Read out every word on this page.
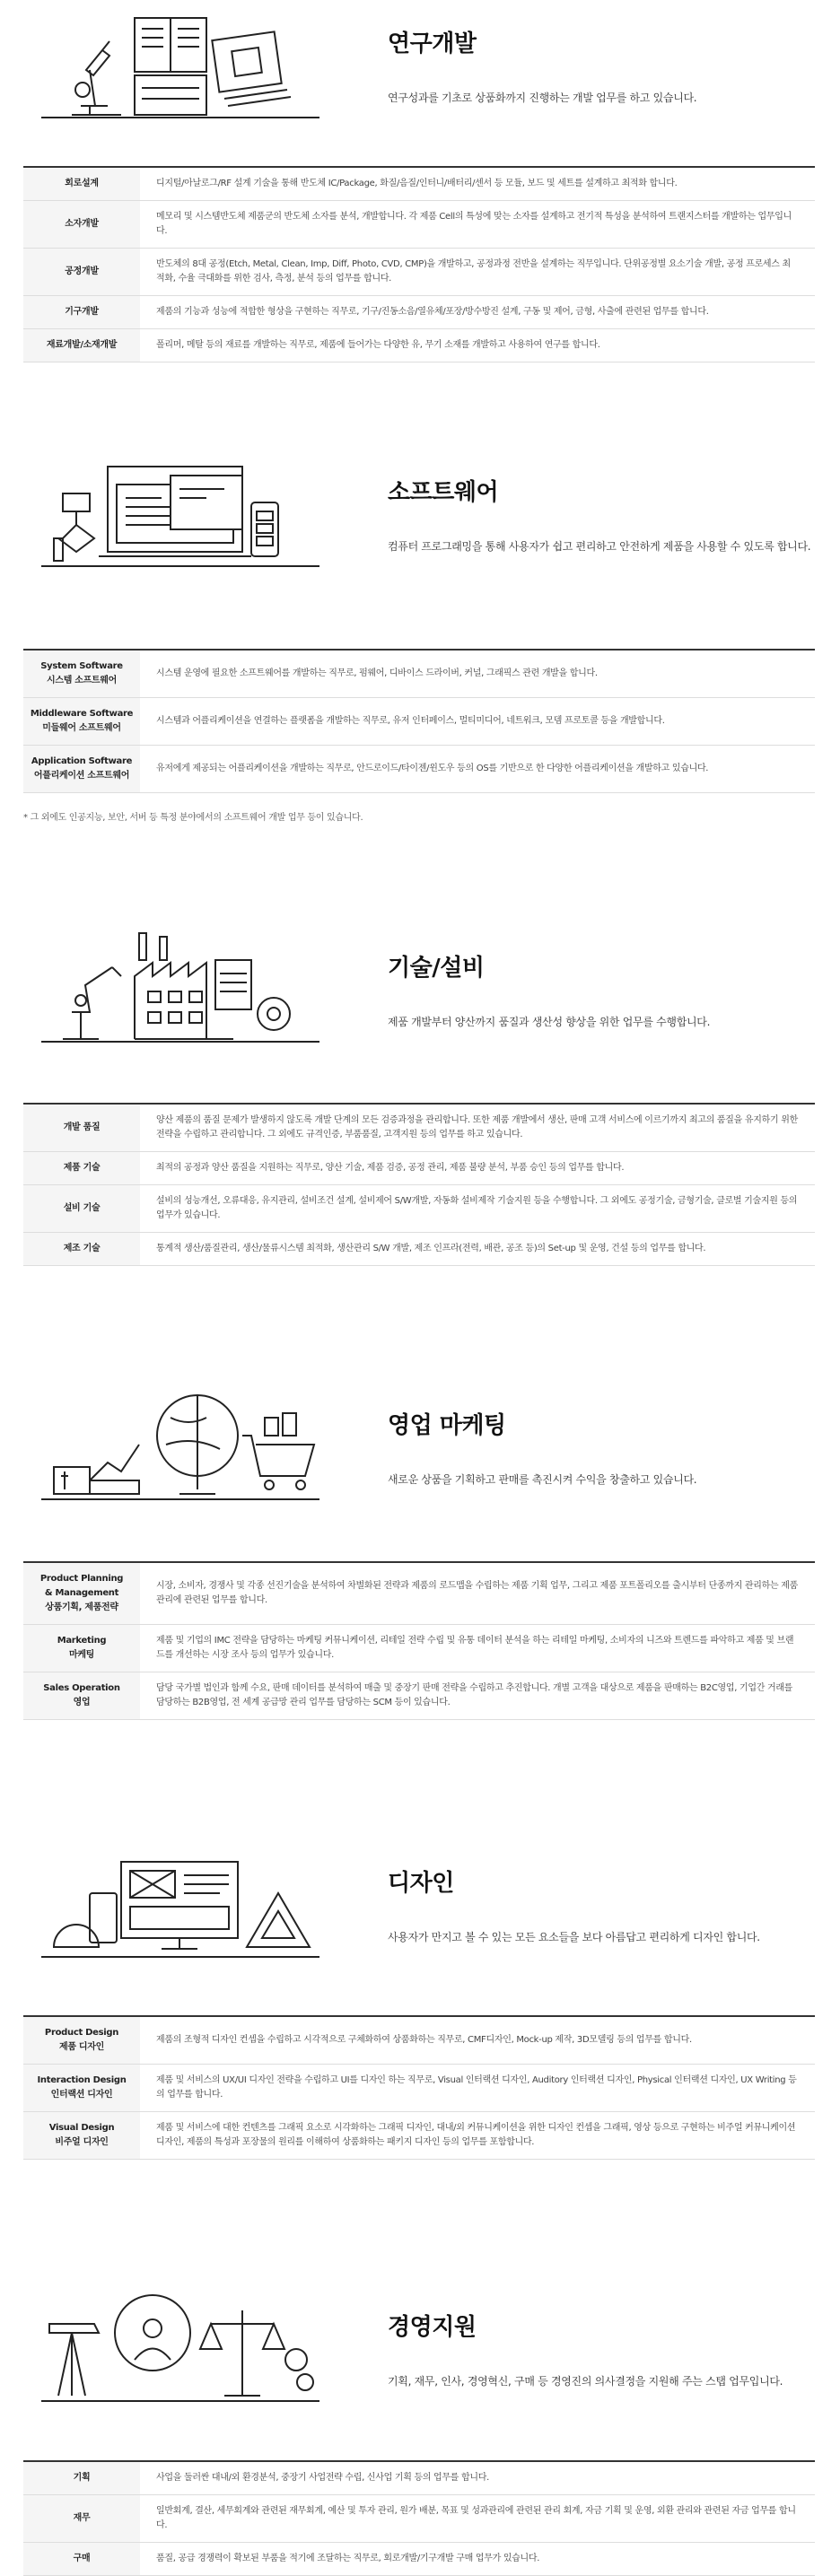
연구개발
연구성과를 기초로 상품화까지 진행하는 개발 업무를 하고 있습니다.
회로설계	디지털/아날로그/RF 설계 기술을 통해 반도체 IC/Package, 화질/음질/인터니/배터리/센서 등 모듈, 보드 및 세트를 설계하고 최적화 합니다.

소자개발	메모리 및 시스템반도체 제품군의 반도체 소자를 분석, 개발합니다. 각 제품 Cell의 특성에 맞는 소자를 설계하고 전기적 특성을 분석하여 트랜지스터를 개발하는 업무입니다.

공정개발	반도체의 8대 공정(Etch, Metal, Clean, Imp, Diff, Photo, CVD, CMP)을 개발하고, 공정과정 전반을 설계하는 직무입니다. 단위공정별 요소기술 개발, 공정 프로세스 최적화, 수율 극대화를 위한 검사, 측정, 분석 등의 업무를 합니다.

기구개발	제품의 기능과 성능에 적합한 형상을 구현하는 직무로, 기구/진동소음/열유체/포장/방수방진 설계, 구동 및 제어, 금형, 사출에 관련된 업무를 합니다.

재료개발/소재개발	폴리머, 메탈 등의 재료를 개발하는 직무로, 제품에 들어가는 다양한 유, 무기 소재를 개발하고 사용하여 연구를 합니다.
소프트웨어
컴퓨터 프로그래밍을 통해 사용자가 쉽고 편리하고 안전하게 제품을 사용할 수 있도록 합니다.
System Software
시스템 소프트웨어	시스템 운영에 필요한 소프트웨어를 개발하는 직무로, 펌웨어, 디바이스 드라이버, 커널, 그래픽스 관련 개발을 합니다.

Middleware Software
미들웨어 소프트웨어	시스템과 어플리케이션을 연결하는 플랫폼을 개발하는 직무로, 유저 인터페이스, 멀티미디어, 네트워크, 모뎀 프로토콜 등을 개발합니다.

Application Software
어플리케이션 소프트웨어	유저에게 제공되는 어플리케이션을 개발하는 직무로, 안드로이드/타이젠/윈도우 등의 OS를 기반으로 한 다양한 어플리케이션을 개발하고 있습니다.
* 그 외에도 인공지능, 보안, 서버 등 특정 분야에서의 소프트웨어 개발 업무 등이 있습니다.
기술/설비
제품 개발부터 양산까지 품질과 생산성 향상을 위한 업무를 수행합니다.
개발 품질	양산 제품의 품질 문제가 발생하지 않도록 개발 단계의 모든 검증과정을 관리합니다. 또한 제품 개발에서 생산, 판매 고객 서비스에 이르기까지 최고의 품질을 유지하기 위한 전략을 수립하고 관리합니다. 그 외에도 규격인증, 부품품질, 고객지원 등의 업무를 하고 있습니다.

제품 기술	최적의 공정과 양산 품질을 지원하는 직무로, 양산 기술, 제품 검증, 공정 관리, 제품 불량 분석, 부품 승인 등의 업무를 합니다.

설비 기술	설비의 성능개선, 오류대응, 유지관리, 설비조건 설계, 설비제어 S/W개발, 자동화 설비제작 기술지원 등을 수행합니다. 그 외에도 공정기술, 금형기술, 클로벌 기술지원 등의 업무가 있습니다.

제조 기술	통계적 생산/품질관리, 생산/물류시스템 최적화, 생산관리 S/W 개발, 제조 인프라(전력, 배관, 공조 등)의 Set-up 및 운영, 건설 등의 업무를 합니다.
영업 마케팅
새로운 상품을 기획하고 판매를 촉진시켜 수익을 창출하고 있습니다.
Product Planning
& Management
상품기획, 제품전략	시장, 소비자, 경쟁사 및 각종 선진기술을 분석하여 차별화된 전략과 제품의 로드맵을 수립하는 제품 기획 업무, 그리고 제품 포트폴리오를 출시부터 단종까지 관리하는 제품 관리에 관련된 업무를 합니다.

Marketing
마케팅	제품 및 기업의 IMC 전략을 담당하는 마케팅 커뮤니케이션, 리테일 전략 수립 및 유통 데이터 분석을 하는 리테일 마케팅, 소비자의 니즈와 트렌드를 파악하고 제품 및 브랜드를 개선하는 시장 조사 등의 업무가 있습니다.

Sales Operation
영업	담당 국가별 법인과 함께 수요, 판매 데이터를 분석하여 매출 및 중장기 판매 전략을 수립하고 추진합니다. 개별 고객을 대상으로 제품을 판매하는 B2C영업, 기업간 거래를 담당하는 B2B영업, 전 세계 공급망 관리 업무를 담당하는 SCM 등이 있습니다.
디자인
사용자가 만지고 볼 수 있는 모든 요소들을 보다 아름답고 편리하게 디자인 합니다.
Product Design
제품 디자인	제품의 조형적 디자인 컨셉을 수립하고 시각적으로 구체화하여 상품화하는 직무로, CMF디자인, Mock-up 제작, 3D모델링 등의 업무를 합니다.

Interaction Design
인터랙션 디자인	제품 및 서비스의 UX/UI 디자인 전략을 수립하고 UI를 디자인 하는 직무로, Visual 인터랙션 디자인, Auditory 인터랙션 디자인, Physical 인터랙션 디자인, UX Writing 등의 업무를 합니다.

Visual Design
비주얼 디자인	제품 및 서비스에 대한 컨텐츠를 그래픽 요소로 시각화하는 그래픽 디자인, 대내/외 커뮤니케이션을 위한 디자인 컨셉을 그래픽, 영상 등으로 구현하는 비주얼 커뮤니케이션 디자인, 제품의 특성과 포장물의 원리를 이해하여 상품화하는 패키지 디자인 등의 업무를 포함합니다.
경영지원
기획, 재무, 인사, 경영혁신, 구매 등 경영진의 의사결정을 지원해 주는 스탭 업무입니다.
기획	사업을 둘러싼 대내/외 환경분석, 중장기 사업전략 수립, 신사업 기획 등의 업무를 합니다.

재무	일반회계, 결산, 세무회계와 관련된 재무회계, 예산 및 투자 관리, 원가 배분, 목표 및 성과관리에 관련된 관리 회계, 자금 기획 및 운영, 외환 관리와 관련된 자금 업무를 합니다.

구매	품질, 공급 경쟁력이 확보된 부품을 적기에 조달하는 직무로, 회로개발/기구개발 구매 업무가 있습니다.
